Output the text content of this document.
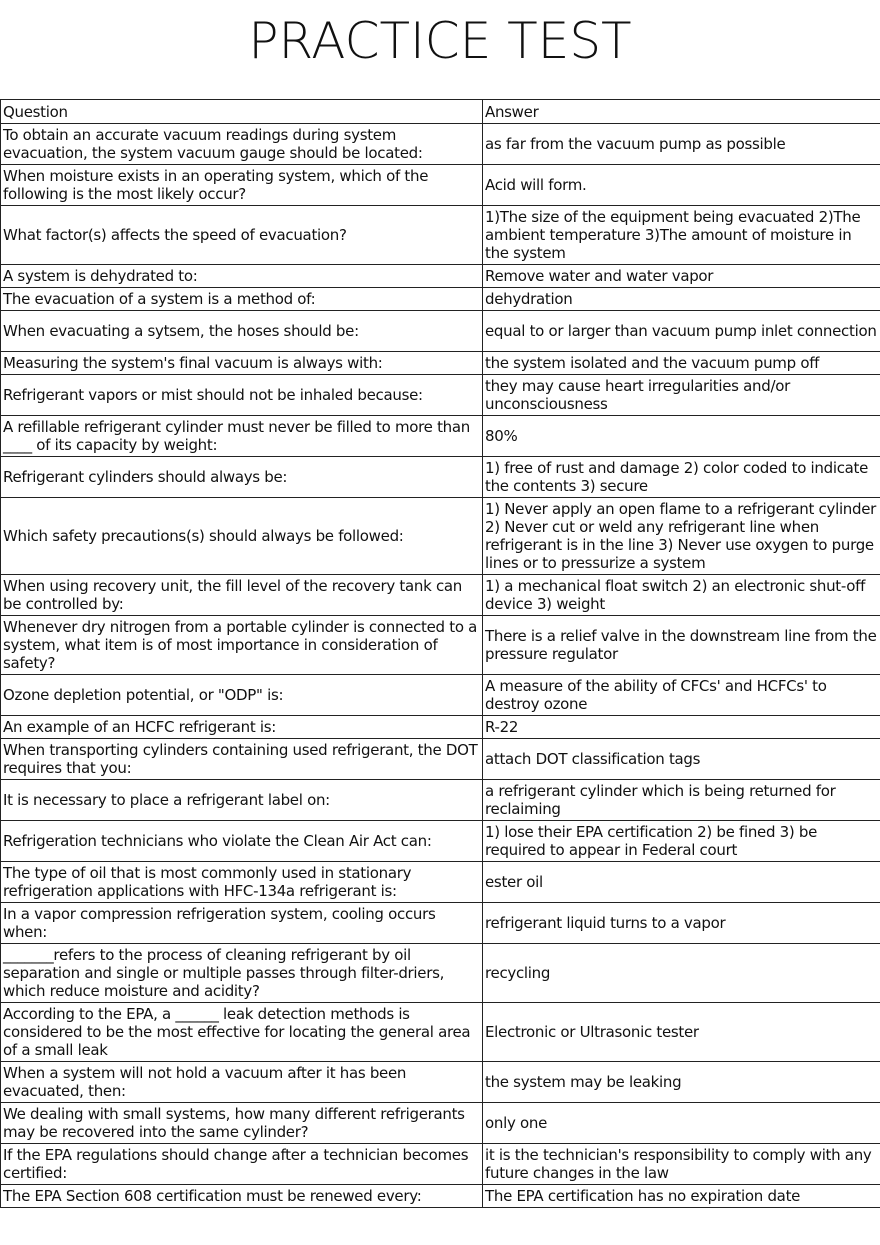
PRACTICE TEST
Question	Answer
To obtain an accurate vacuum readings during system evacuation, the system vacuum gauge should be located:	as far from the vacuum pump as possible
When moisture exists in an operating system, which of the following is the most likely occur?	Acid will form.
What factor(s) affects the speed of evacuation?	1)The size of the equipment being evacuated 2)The ambient temperature 3)The amount of moisture in the system
A system is dehydrated to:	Remove water and water vapor
The evacuation of a system is a method of:	dehydration
When evacuating a sytsem, the hoses should be:	equal to or larger than vacuum pump inlet connection
Measuring the system's final vacuum is always with:	the system isolated and the vacuum pump off
Refrigerant vapors or mist should not be inhaled because:	they may cause heart irregularities and/or unconsciousness
A refillable refrigerant cylinder must never be filled to more than ____ of its capacity by weight:	80%
Refrigerant cylinders should always be:	1) free of rust and damage 2) color coded to indicate the contents 3) secure
Which safety precautions(s) should always be followed:	1) Never apply an open flame to a refrigerant cylinder 2) Never cut or weld any refrigerant line when refrigerant is in the line 3) Never use oxygen to purge lines or to pressurize a system
When using recovery unit, the fill level of the recovery tank can be controlled by:	1) a mechanical float switch 2) an electronic shut-off device 3) weight
Whenever dry nitrogen from a portable cylinder is connected to a system, what item is of most importance in consideration of safety?	There is a relief valve in the downstream line from the pressure regulator
Ozone depletion potential, or "ODP" is:	A measure of the ability of CFCs' and HCFCs' to destroy ozone
An example of an HCFC refrigerant is:	R-22
When transporting cylinders containing used refrigerant, the DOT requires that you:	attach DOT classification tags
It is necessary to place a refrigerant label on:	a refrigerant cylinder which is being returned for reclaiming
Refrigeration technicians who violate the Clean Air Act can:	1) lose their EPA certification 2) be fined 3) be required to appear in Federal court
The type of oil that is most commonly used in stationary refrigeration applications with HFC-134a refrigerant is:	ester oil
In a vapor compression refrigeration system, cooling occurs when:	refrigerant liquid turns to a vapor
_______refers to the process of cleaning refrigerant by oil separation and single or multiple passes through filter-driers, which reduce moisture and acidity?	recycling
According to the EPA, a ______ leak detection methods is considered to be the most effective for locating the general area of a small leak	Electronic or Ultrasonic tester
When a system will not hold a vacuum after it has been evacuated, then:	the system may be leaking
We dealing with small systems, how many different refrigerants may be recovered into the same cylinder?	only one
If the EPA regulations should change after a technician becomes certified:	it is the technician's responsibility to comply with any future changes in the law
The EPA Section 608 certification must be renewed every:	The EPA certification has no expiration date
